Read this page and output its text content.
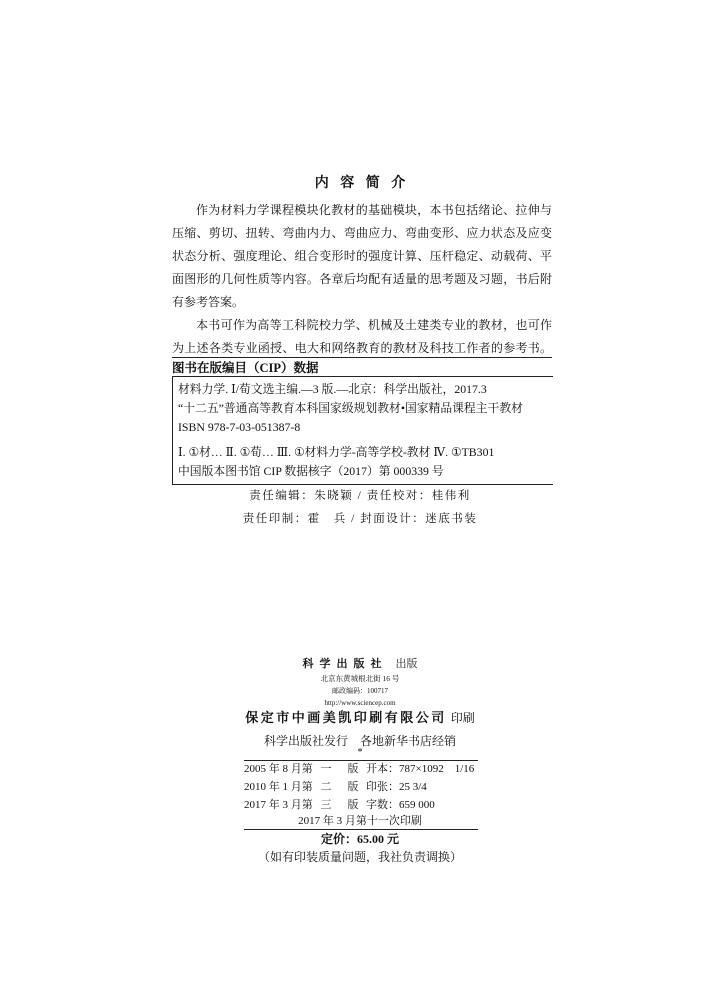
内 容 简 介
作为材料力学课程模块化教材的基础模块，本书包括绪论、拉伸与
压缩、剪切、扭转、弯曲内力、弯曲应力、弯曲变形、应力状态及应变
状态分析、强度理论、组合变形时的强度计算、压杆稳定、动载荷、平
面图形的几何性质等内容。各章后均配有适量的思考题及习题，书后附
有参考答案。
本书可作为高等工科院校力学、机械及土建类专业的教材，也可作
为上述各类专业函授、电大和网络教育的教材及科技工作者的参考书。
图书在版编目（CIP）数据
材料力学. Ⅰ/荀文选主编.—3 版.—北京：科学出版社，2017.3
“十二五”普通高等教育本科国家级规划教材•国家精品课程主干教材
ISBN 978-7-03-051387-8
Ⅰ. ①材… Ⅱ. ①荀… Ⅲ. ①材料力学-高等学校-教材 Ⅳ. ①TB301
中国版本图书馆 CIP 数据核字（2017）第 000339 号
责任编辑：朱晓颖 / 责任校对：桂伟利
责任印制：霍　兵 / 封面设计：迷底书装
科学出版社 出版
北京东黄城根北街 16 号
邮政编码：100717
http://www.sciencep.com
保定市中画美凯印刷有限公司 印刷
科学出版社发行　各地新华书店经销
*
2005 年 8 月第 一 版 开本：787×1092　1/16
2010 年 1 月第 二 版 印张：25 3/4
2017 年 3 月第 三 版 字数：659 000
2017 年 3 月第十一次印刷
定价：65.00 元
（如有印装质量问题，我社负责调换）
